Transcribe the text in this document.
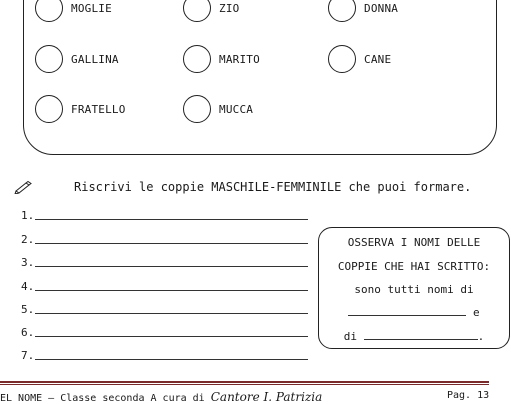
MOGLIE	ZIO	DONNA
GALLINA	MARITO	CANE
FRATELLO	MUCCA
Riscrivi le coppie MASCHILE-FEMMINILE che puoi formare.
1.
2.
3.
4.
5.
6.
7.
OSSERVA I NOMI DELLE
COPPIE CHE HAI SCRITTO:
sono tutti nomi di
e
di	.
EL NOME – Classe seconda A cura di Cantore I. Patrizia	Pag. 13
